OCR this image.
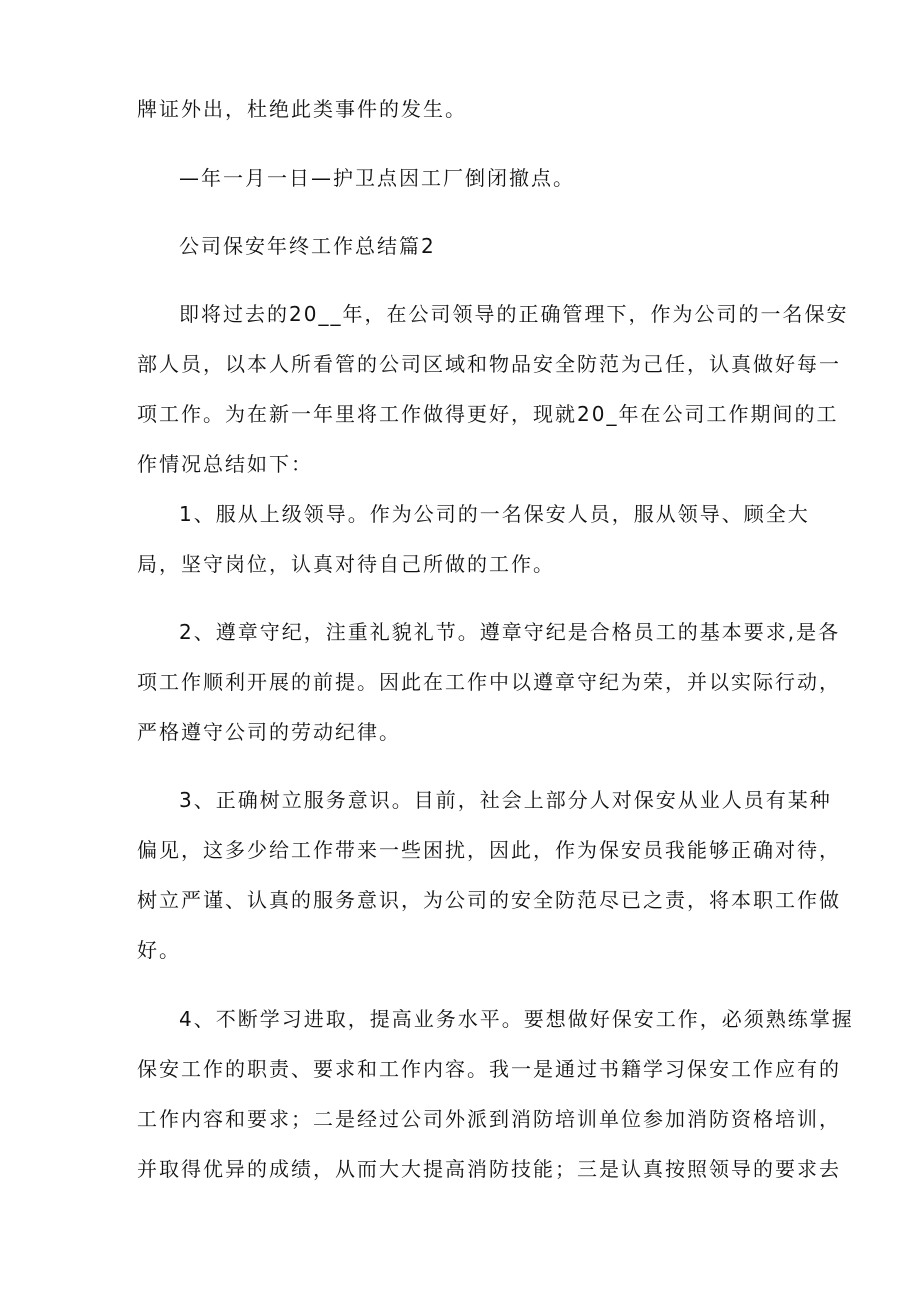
牌证外出，杜绝此类事件的发生。
—年一月一日—护卫点因工厂倒闭撤点。
公司保安年终工作总结篇2
即将过去的20__年，在公司领导的正确管理下，作为公司的一名保安
部人员，以本人所看管的公司区域和物品安全防范为己任，认真做好每一
项工作。为在新一年里将工作做得更好，现就20_年在公司工作期间的工
作情况总结如下：
1、服从上级领导。作为公司的一名保安人员，服从领导、顾全大
局，坚守岗位，认真对待自己所做的工作。
2、遵章守纪，注重礼貌礼节。遵章守纪是合格员工的基本要求,是各
项工作顺利开展的前提。因此在工作中以遵章守纪为荣，并以实际行动，
严格遵守公司的劳动纪律。
3、正确树立服务意识。目前，社会上部分人对保安从业人员有某种
偏见，这多少给工作带来一些困扰，因此，作为保安员我能够正确对待，
树立严谨、认真的服务意识，为公司的安全防范尽已之责，将本职工作做
好。
4、不断学习进取，提高业务水平。要想做好保安工作，必须熟练掌握
保安工作的职责、要求和工作内容。我一是通过书籍学习保安工作应有的
工作内容和要求；二是经过公司外派到消防培训单位参加消防资格培训，
并取得优异的成绩，从而大大提高消防技能；三是认真按照领导的要求去
